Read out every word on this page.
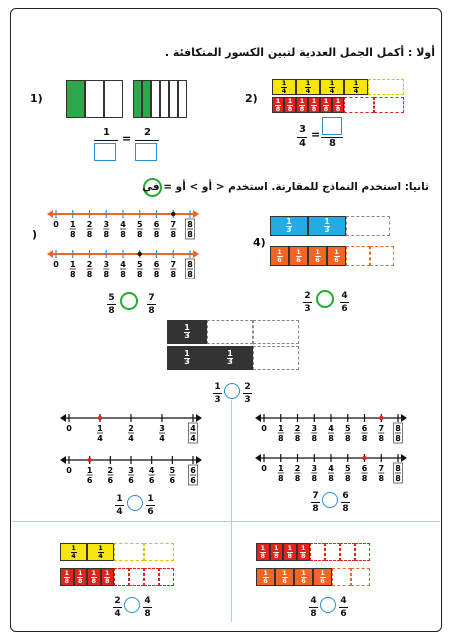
أولا : أكمل الجمل العددية لتبين الكسور المتكافئة .
1)
1 = 2
2)
1
4
1
4
1
4
1
4
1
8
1
8
1
8
1
8
1
8
1
8
3
4
=
8
ثانيا: استخدم النماذج للمقارنة. استخدم < أو > أو = في
)
0 1
8
2
8
3
8
4
8
5
8
6
8
7
8
8
8
0 1
8
2
8
3
8
4
8
5
8
6
8
7
8
8
8
5
8
7
8
4)
1
3
1
3
1
6
1
6
1
6
1
6
2
3
4
6
1
3
1
3
1
3
1
3
2
3
0	1
4
2
4
3
4
4
4
0 1
6
2
6
3
6
4
6
5
6
6
6
1
4
1
6
0 1
8
2
8
3
8
4
8
5
8
6
8
7
8
8
8
0 1
8
2
8
3
8
4
8
5
8
6
8
7
8
8
8
7
8
6
8
1
4
1
4
1
8
1
8
1
8
1
8
2
4
4
8
1
8
1
8
1
8
1
8
1
6
1
6
1
6
1
6
4
8
4
6
